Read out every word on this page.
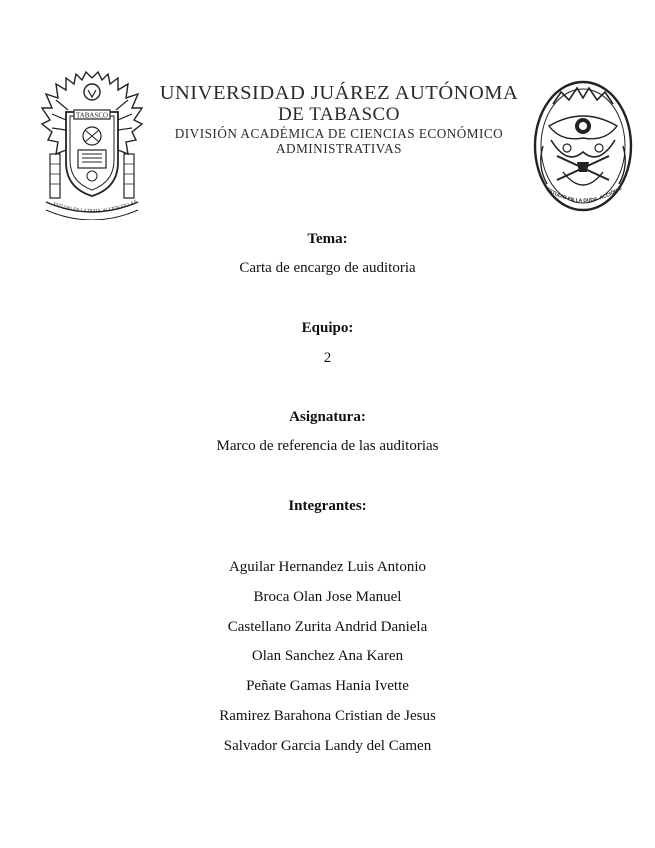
TABASCO
ESTUDIO EN LA DUDA. ACCIÓN EN LA F
UNIVERSIDAD JUÁREZ AUTÓNOMA
DE TABASCO
DIVISIÓN ACADÉMICA DE CIENCIAS ECONÓMICO
ADMINISTRATIVAS
ESTUDIO EN LA DUDA. ACCIÓN E
Tema:
Carta de encargo de auditoria
Equipo:
2
Asignatura:
Marco de referencia de las auditorias
Integrantes:
Aguilar Hernandez Luis Antonio
Broca Olan Jose Manuel
Castellano Zurita Andrid Daniela
Olan Sanchez Ana Karen
Peñate Gamas Hania Ivette
Ramirez Barahona Cristian de Jesus
Salvador Garcia Landy del Camen
